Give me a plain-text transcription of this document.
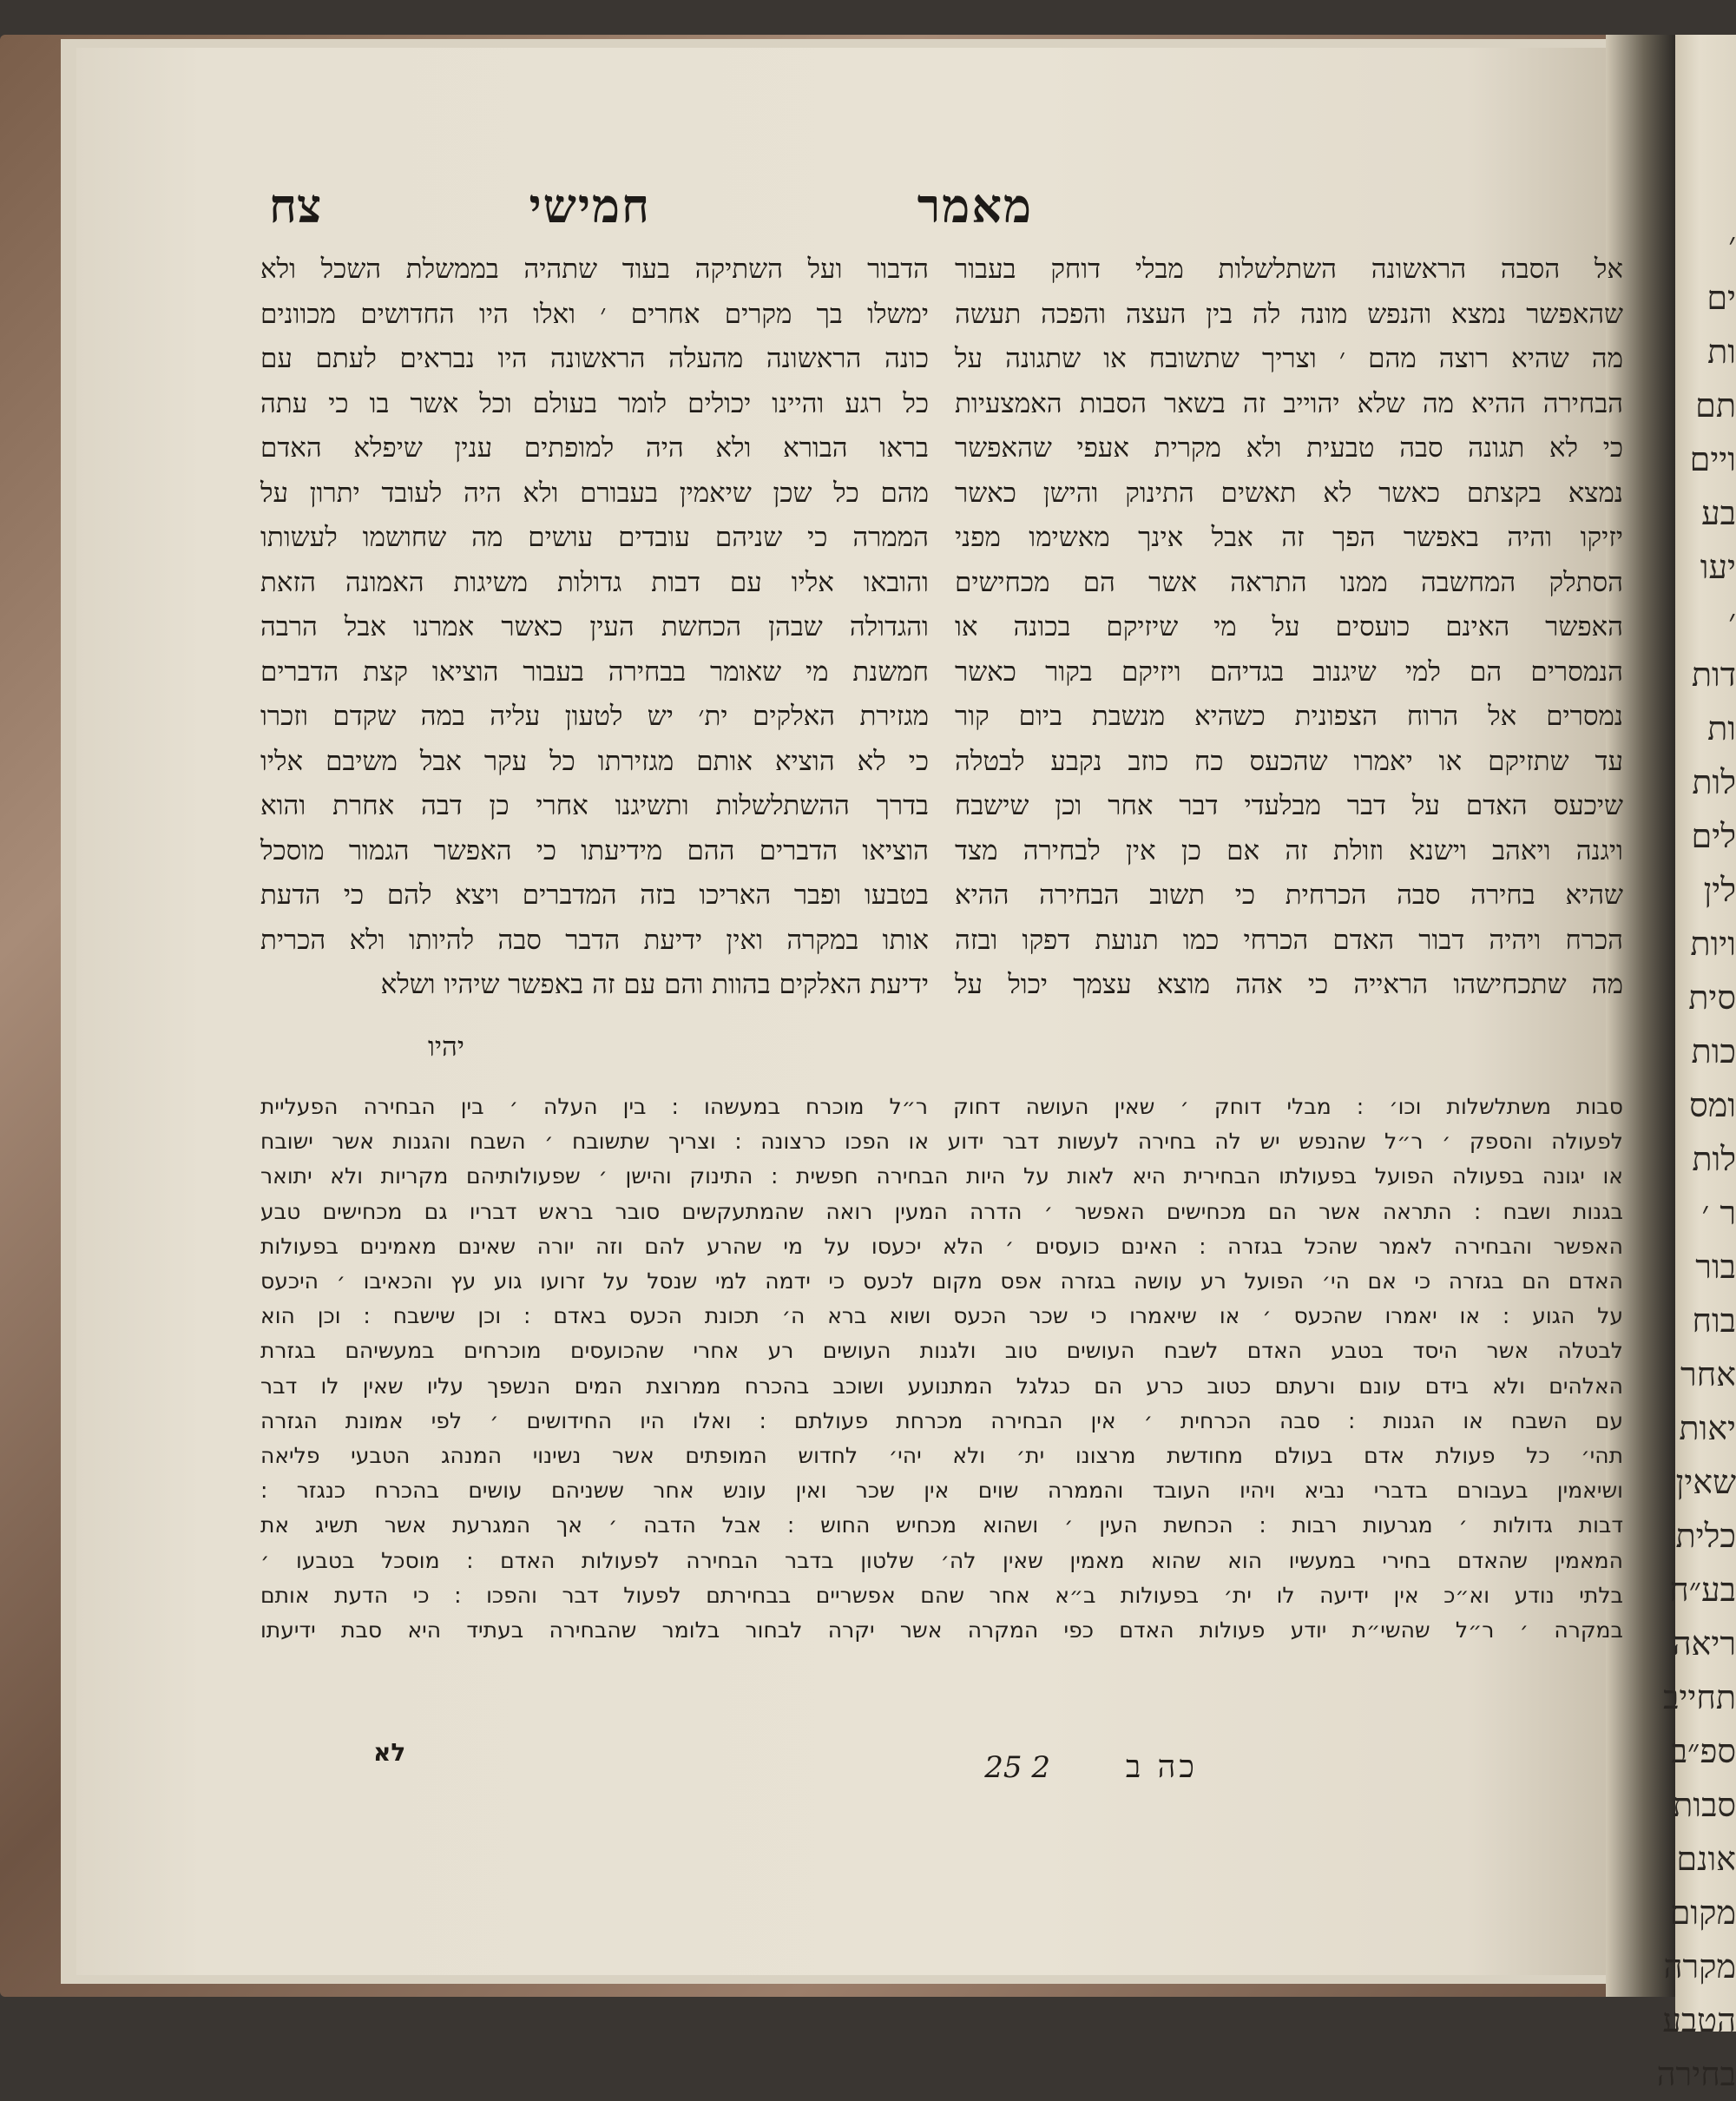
׳
ים
ות
תם
ויים
בע
יעו
׳
דות
ות
לות
לים
לין
ויות
סית
כות
ומס
לות
ר ׳
בור
בוח
אחר
יאות
שאין
כלית
בע״ח
ריאה
תחייב
ספ״ב
סבות
אונם
מקום
מקרה
הטבע
בחירה
מאמר
חמישי
צח
אל הסבה הראשונה השתלשלות מבלי דוחק בעבור
שהאפשר נמצא והנפש מונה לה בין העצה והפכה תעשה
מה שהיא רוצה מהם ׳ וצריך שתשובח או שתגונה על
הבחירה ההיא מה שלא יהוייב זה בשאר הסבות האמצעיות
כי לא תגונה סבה טבעית ולא מקרית אעפי שהאפשר
נמצא בקצתם כאשר לא תאשים התינוק והישן כאשר
יזיקו והיה באפשר הפך זה אבל אינך מאשימו מפני
הסתלק המחשבה ממנו התראה אשר הם מכחישים
האפשר האינם כועסים על מי שיזיקם בכונה או
הנמסרים הם למי שיגנוב בגדיהם ויזיקם בקור כאשר
נמסרים אל הרוח הצפונית כשהיא מנשבת ביום קור
עד שתזיקם או יאמרו שהכעס כח כוזב נקבע לבטלה
שיכעס האדם על דבר מבלעדי דבר אחר וכן שישבח
ויגנה ויאהב וישנא וזולת זה אם כן אין לבחירה מצד
שהיא בחירה סבה הכרחית כי תשוב הבחירה ההיא
הכרח ויהיה דבור האדם הכרחי כמו תנועת דפקו ובזה
מה שתכחישהו הראייה כי אהה מוצא עצמך יכול על
הדבור ועל השתיקה בעוד שתהיה בממשלת השכל ולא
ימשלו בך מקרים אחרים ׳ ואלו היו החדושים מכוונים
כונה הראשונה מהעלה הראשונה היו נבראים לעתם עם
כל רגע והיינו יכולים לומר בעולם וכל אשר בו כי עתה
בראו הבורא ולא היה למופתים ענין שיפלא האדם
מהם כל שכן שיאמין בעבורם ולא היה לעובד יתרון על
הממרה כי שניהם עובדים עושים מה שחושמו לעשותו
והובאו אליו עם דבות גדולות משיגות האמונה הזאת
והגדולה שבהן הכחשת העין כאשר אמרנו אבל הרבה
חמשנת מי שאומר בבחירה בעבור הוציאו קצת הדברים
מגזירת האלקים ית׳ יש לטעון עליה במה שקדם וזכרו
כי לא הוציא אותם מגזירתו כל עקר אבל משיבם אליו
בדרך ההשתלשלות ותשיגנו אחרי כן דבה אחרת והוא
הוציאו הדברים ההם מידיעתו כי האפשר הגמור מוסכל
בטבעו ופבר האריכו בזה המדברים ויצא להם כי הדעת
אותו במקרה ואין ידיעת הדבר סבה להיותו ולא הכרית
ידיעת האלקים בהוות והם עם זה באפשר שיהיו ושלא
יהיו
סבות משתלשלות וכו׳ : מבלי דוחק ׳ שאין העושה דחוק ר״ל מוכרח במעשהו : בין העלה ׳ בין הבחירה הפעליית
לפעולה והספק ׳ ר״ל שהנפש יש לה בחירה לעשות דבר ידוע או הפכו כרצונה : וצריך שתשובח ׳ השבח והגנות אשר ישובח
או יגונה בפעולה הפועל בפעולתו הבחירית היא לאות על היות הבחירה חפשית : התינוק והישן ׳ שפעולותיהם מקריות ולא יתואר
בגנות ושבח : התראה אשר הם מכחישים האפשר ׳ הדרה המעין רואה שהמתעקשים סובר בראש דבריו גם מכחישים טבע
האפשר והבחירה לאמר שהכל בגזרה : האינם כועסים ׳ הלא יכעסו על מי שהרע להם וזה יורה שאינם מאמינים בפעולות
האדם הם בגזרה כי אם הי׳ הפועל רע עושה בגזרה אפס מקום לכעס כי ידמה למי שנסל על זרועו גוע עץ והכאיבו ׳ היכעס
על הגוע : או יאמרו שהכעס ׳ או שיאמרו כי שכר הכעס ושוא ברא ה׳ תכונת הכעס באדם : וכן שישבח : וכן הוא
לבטלה אשר היסד בטבע האדם לשבח העושים טוב ולגנות העושים רע אחרי שהכועסים מוכרחים במעשיהם בגזרת
האלהים ולא בידם עונם ורעתם כטוב כרע הם כגלגל המתנועע ושוכב בהכרח ממרוצת המים הנשפך עליו שאין לו דבר
עם השבח או הגנות : סבה הכרחית ׳ אין הבחירה מכרחת פעולתם : ואלו היו החידושים ׳ לפי אמונת הגזרה
תהי׳ כל פעולת אדם בעולם מחודשת מרצונו ית׳ ולא יהי׳ לחדוש המופתים אשר נשינוי המנהג הטבעי פליאה
ושיאמין בעבורם בדברי נביא ויהיו העובד והממרה שוים אין שכר ואין עונש אחר ששניהם עושים בהכרח כנגזר :
דבות גדולות ׳ מגרעות רבות : הכחשת העין ׳ ושהוא מכחיש החוש : אבל הדבה ׳ אך המגרעת אשר תשיג את
המאמין שהאדם בחירי במעשיו הוא שהוא מאמין שאין לה׳ שלטון בדבר הבחירה לפעולות האדם : מוסכל בטבעו ׳
בלתי נודע וא״כ אין ידיעה לו ית׳ בפעולות ב״א אחר שהם אפשריים בבחירתם לפעול דבר והפכו : כי הדעת אותם
במקרה ׳ ר״ל שהשי״ת יודע פעולות האדם כפי המקרה אשר יקרה לבחור בלומר שהבחירה בעתיד היא סבת ידיעתו
כה ב
25 2
לא
